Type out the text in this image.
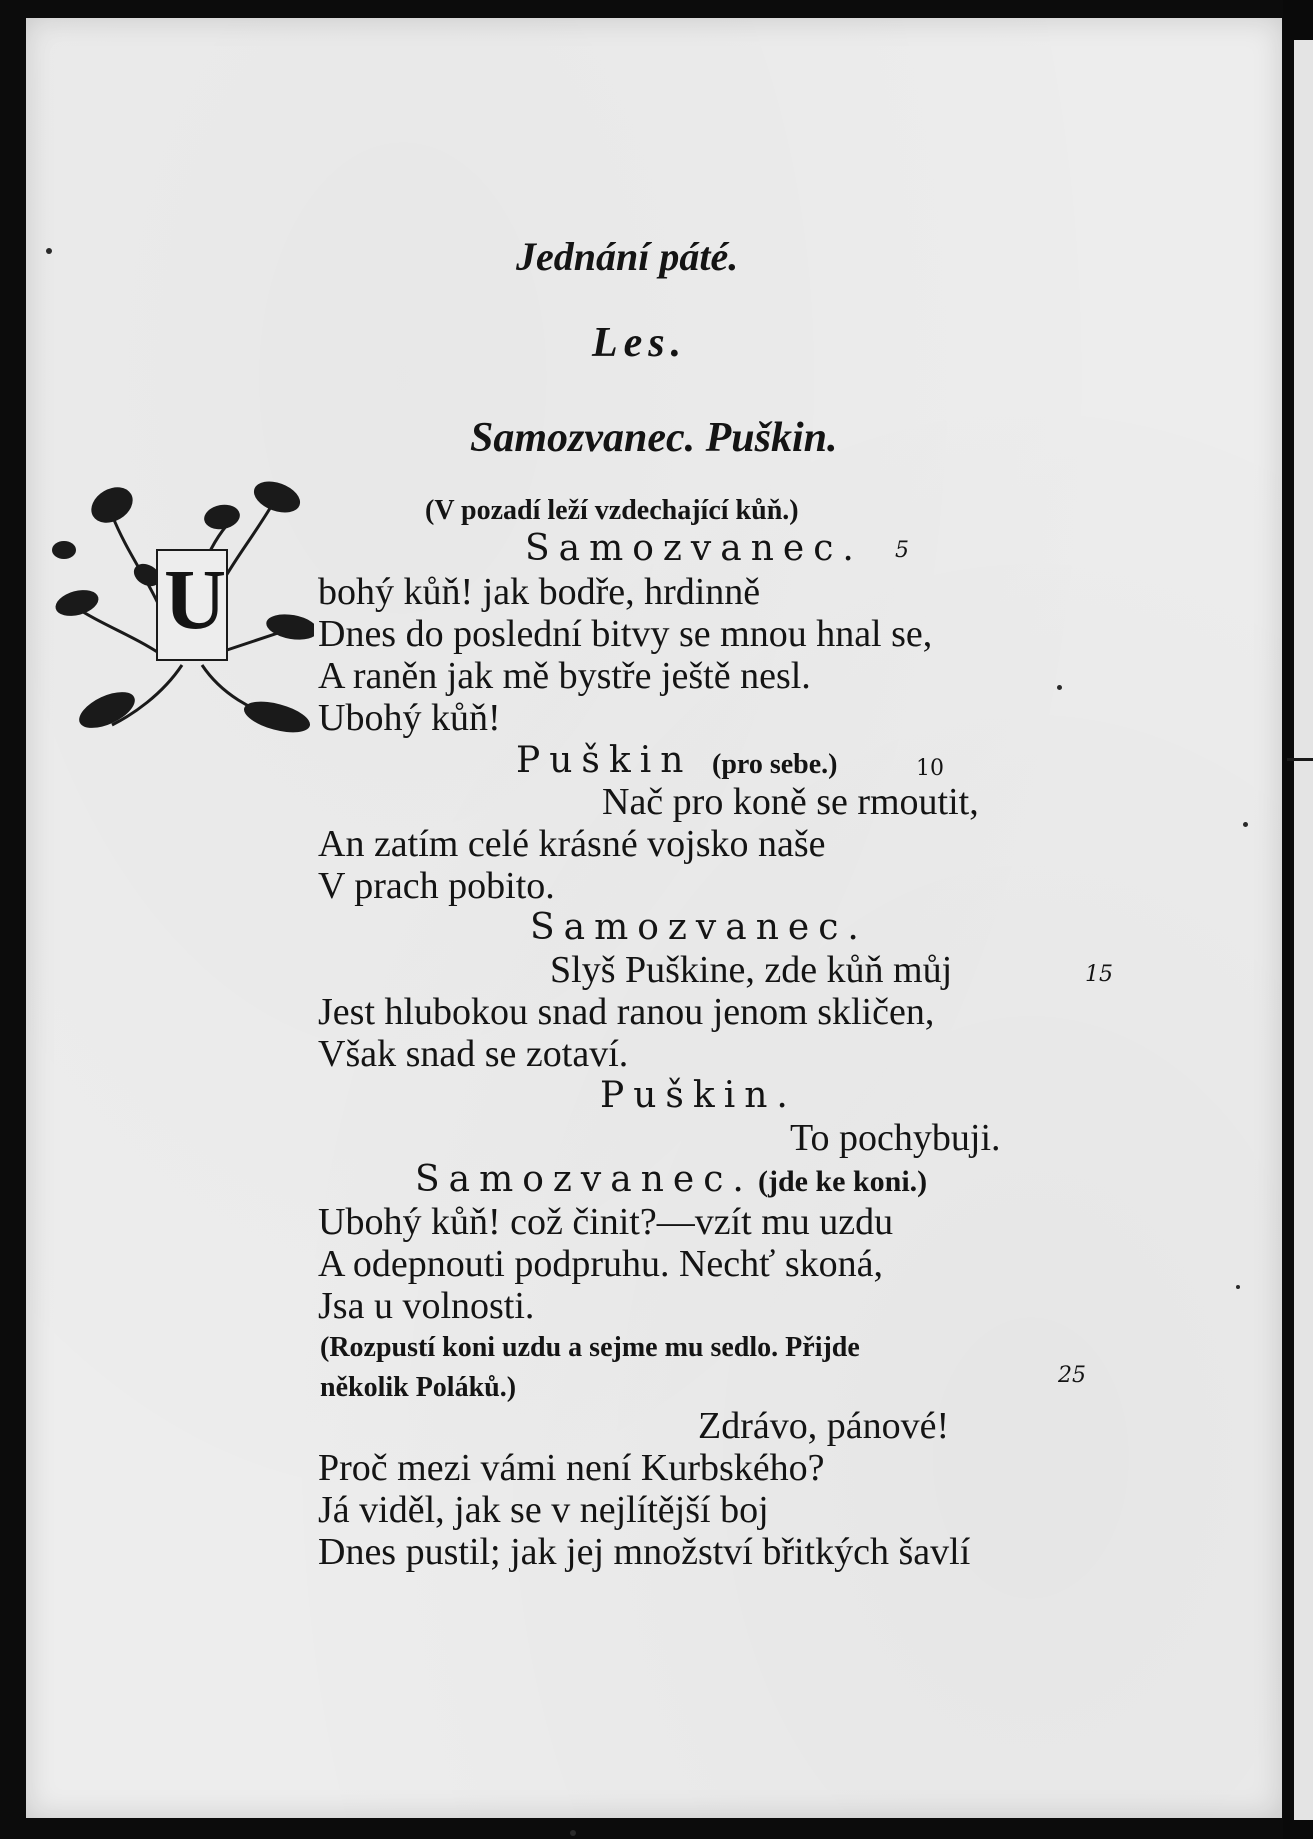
Jednání páté.
Les.
Samozvanec. Puškin.
U
(V pozadí leží vzdechající kůň.)
Samozvanec. 5
bohý kůň! jak bodře, hrdinně
Dnes do poslední bitvy se mnou hnal se,
A raněn jak mě bystře ještě nesl.
Ubohý kůň!
Puškin (pro sebe.)	10
Nač pro koně se rmoutit,
An zatím celé krásné vojsko naše
V prach pobito.
Samozvanec.
Slyš Puškine, zde kůň můj	15
Jest hlubokou snad ranou jenom skličen,
Však snad se zotaví.
Puškin.
To pochybuji.
Samozvanec. (jde ke koni.)
Ubohý kůň! což činit?—vzít mu uzdu
A odepnouti podpruhu. Nechť skoná,
Jsa u volnosti.
(Rozpustí koni uzdu a sejme mu sedlo. Přijde
několik Poláků.)	25
Zdrávo, pánové!
Proč mezi vámi není Kurbského?
Já viděl, jak se v nejlítější boj
Dnes pustil; jak jej množství břitkých šavlí
